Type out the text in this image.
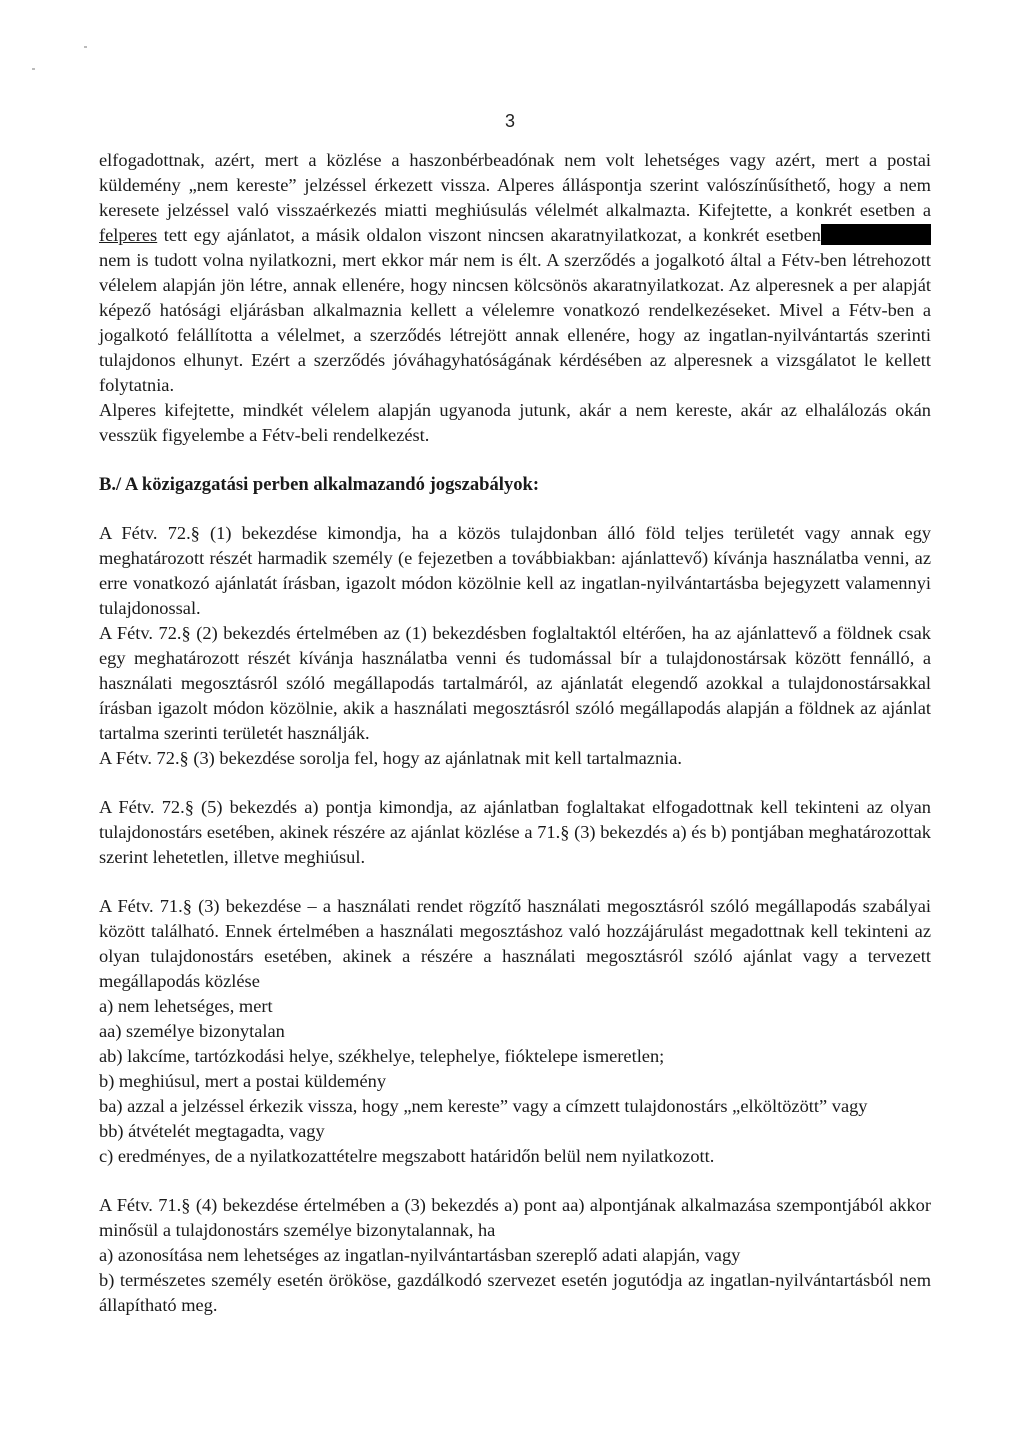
3

elfogadottnak, azért, mert a közlése a haszonbérbeadónak nem volt lehetséges vagy azért, mert a postai küldemény „nem kereste” jelzéssel érkezett vissza. Alperes álláspontja szerint valószínűsíthető, hogy a nem keresete jelzéssel való visszaérkezés miatti meghiúsulás vélelmét alkalmazta. Kifejtette, a konkrét esetben a felperes tett egy ajánlatot, a másik oldalon viszont nincsen akaratnyilatkozat, a konkrét esetbennem is tudott volna nyilatkozni, mert ekkor már nem is élt. A szerződés a jogalkotó által a Fétv-ben létrehozott vélelem alapján jön létre, annak ellenére, hogy nincsen kölcsönös akaratnyilatkozat. Az alperesnek a per alapját képező hatósági eljárásban alkalmaznia kellett a vélelemre vonatkozó rendelkezéseket. Mivel a Fétv-ben a jogalkotó felállította a vélelmet, a szerződés létrejött annak ellenére, hogy az ingatlan-nyilvántartás szerinti tulajdonos elhunyt. Ezért a szerződés jóváhagyhatóságának kérdésében az alperesnek a vizsgálatot le kellett folytatnia.

Alperes kifejtette, mindkét vélelem alapján ugyanoda jutunk, akár a nem kereste, akár az elhalálozás okán vesszük figyelembe a Fétv-beli rendelkezést.

B./ A közigazgatási perben alkalmazandó jogszabályok:

A Fétv. 72.§ (1) bekezdése kimondja, ha a közös tulajdonban álló föld teljes területét vagy annak egy meghatározott részét harmadik személy (e fejezetben a továbbiakban: ajánlattevő) kívánja használatba venni, az erre vonatkozó ajánlatát írásban, igazolt módon közölnie kell az ingatlan-nyilvántartásba bejegyzett valamennyi tulajdonossal.

A Fétv. 72.§ (2) bekezdés értelmében az (1) bekezdésben foglaltaktól eltérően, ha az ajánlattevő a földnek csak egy meghatározott részét kívánja használatba venni és tudomással bír a tulajdonostársak között fennálló, a használati megosztásról szóló megállapodás tartalmáról, az ajánlatát elegendő azokkal a tulajdonostársakkal írásban igazolt módon közölnie, akik a használati megosztásról szóló megállapodás alapján a földnek az ajánlat tartalma szerinti területét használják.

A Fétv. 72.§ (3) bekezdése sorolja fel, hogy az ajánlatnak mit kell tartalmaznia.

A Fétv. 72.§ (5) bekezdés a) pontja kimondja, az ajánlatban foglaltakat elfogadottnak kell tekinteni az olyan tulajdonostárs esetében, akinek részére az ajánlat közlése a 71.§ (3) bekezdés a) és b) pontjában meghatározottak szerint lehetetlen, illetve meghiúsul.

A Fétv. 71.§ (3) bekezdése – a használati rendet rögzítő használati megosztásról szóló megállapodás szabályai között található. Ennek értelmében a használati megosztáshoz való hozzájárulást megadottnak kell tekinteni az olyan tulajdonostárs esetében, akinek a részére a használati megosztásról szóló ajánlat vagy a tervezett megállapodás közlése

a) nem lehetséges, mert

aa) személye bizonytalan

ab) lakcíme, tartózkodási helye, székhelye, telephelye, fióktelepe ismeretlen;

b) meghiúsul, mert a postai küldemény

ba) azzal a jelzéssel érkezik vissza, hogy „nem kereste” vagy a címzett tulajdonostárs „elköltözött” vagy

bb) átvételét megtagadta, vagy

c) eredményes, de a nyilatkozattételre megszabott határidőn belül nem nyilatkozott.

A Fétv. 71.§ (4) bekezdése értelmében a (3) bekezdés a) pont aa) alpontjának alkalmazása szempontjából akkor minősül a tulajdonostárs személye bizonytalannak, ha

a) azonosítása nem lehetséges az ingatlan-nyilvántartásban szereplő adati alapján, vagy

b) természetes személy esetén örököse, gazdálkodó szervezet esetén jogutódja az ingatlan-nyilvántartásból nem állapítható meg.
